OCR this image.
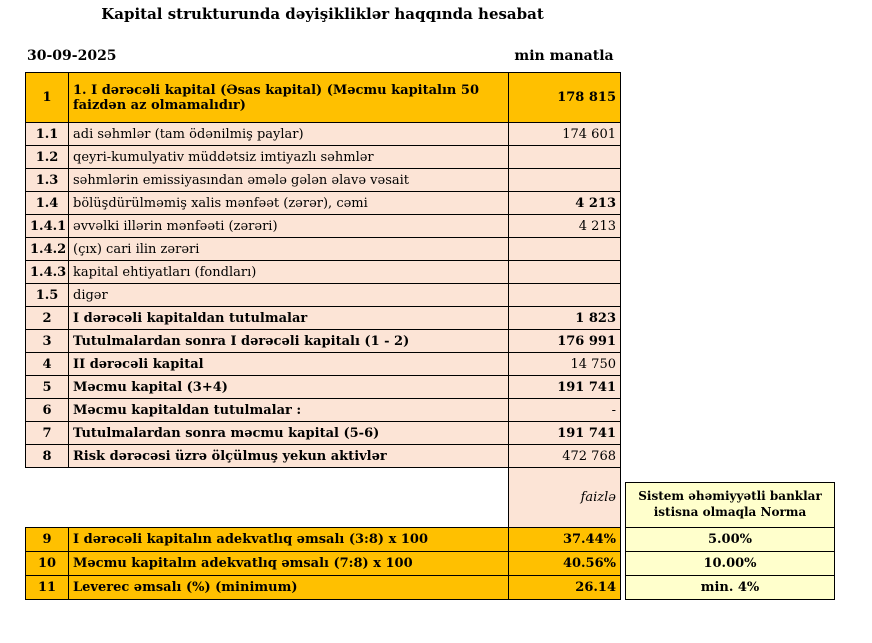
Kapital strukturunda dəyişikliklər haqqında hesabat
30-09-2025	min manatla
1	1. I dərəcəli kapital (Əsas kapital) (Məcmu kapitalın 50 faizdən az olmamalıdır)	178 815
1.1	adi səhmlər (tam ödənilmiş paylar)	174 601
1.2	qeyri-kumulyativ müddətsiz imtiyazlı səhmlər	
1.3	səhmlərin emissiyasından əmələ gələn əlavə vəsait	
1.4	bölüşdürülməmiş xalis mənfəət (zərər), cəmi	4 213
1.4.1	əvvəlki illərin mənfəəti (zərəri)	4 213
1.4.2	(çıx) cari ilin zərəri	
1.4.3	kapital ehtiyatları (fondları)	
1.5	digər	
2	I dərəcəli kapitaldan tutulmalar	1 823
3	Tutulmalardan sonra I dərəcəli kapitalı (1 - 2)	176 991
4	II dərəcəli kapital	14 750
5	Məcmu kapital (3+4)	191 741
6	Məcmu kapitaldan tutulmalar :	-
7	Tutulmalardan sonra məcmu kapital (5-6)	191 741
8	Risk dərəcəsi üzrə ölçülmuş yekun aktivlər	472 768
		faizlə
9	I dərəcəli kapitalın adekvatlıq əmsalı (3:8) x 100	37.44%
10	Məcmu kapitalın adekvatlıq əmsalı (7:8) x 100	40.56%
11	Leverec əmsalı (%) (minimum)	26.14
Sistem əhəmiyyətli banklar istisna olmaqla Norma
5.00%
10.00%
min. 4%
